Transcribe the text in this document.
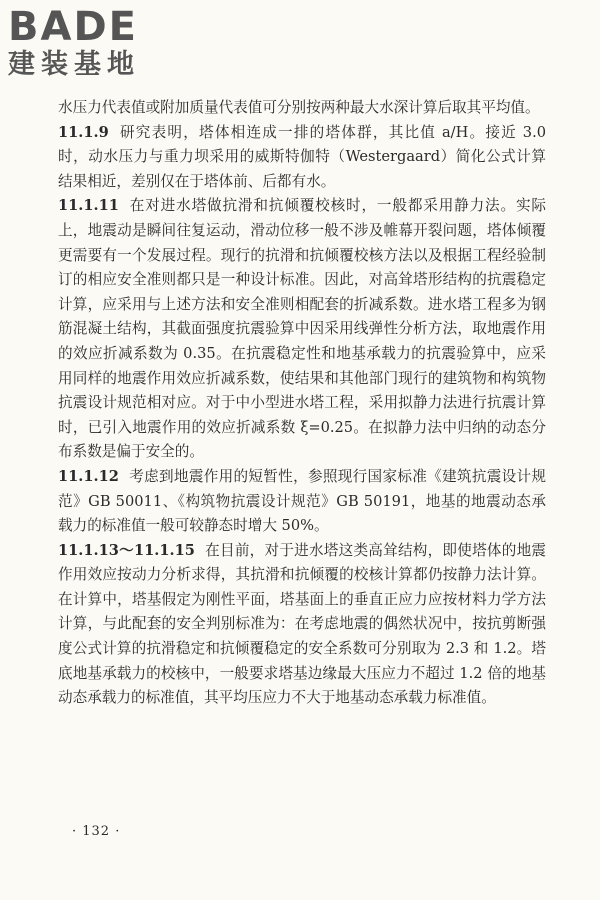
BADE
建装基地

水压力代表值或附加质量代表值可分别按两种最大水深计算后取其平均值。

11.1.9 研究表明，塔体相连成一排的塔体群，其比值 a/H。接近 3.0 时，动水压力与重力坝采用的威斯特伽特（Westergaard）简化公式计算结果相近，差别仅在于塔体前、后都有水。

11.1.11 在对进水塔做抗滑和抗倾覆校核时，一般都采用静力法。实际上，地震动是瞬间往复运动，滑动位移一般不涉及帷幕开裂问题，塔体倾覆更需要有一个发展过程。现行的抗滑和抗倾覆校核方法以及根据工程经验制订的相应安全准则都只是一种设计标准。因此，对高耸塔形结构的抗震稳定计算，应采用与上述方法和安全准则相配套的折减系数。进水塔工程多为钢筋混凝土结构，其截面强度抗震验算中因采用线弹性分析方法，取地震作用的效应折减系数为 0.35。在抗震稳定性和地基承载力的抗震验算中，应采用同样的地震作用效应折减系数，使结果和其他部门现行的建筑物和构筑物抗震设计规范相对应。对于中小型进水塔工程，采用拟静力法进行抗震计算时，已引入地震作用的效应折减系数 ξ=0.25。在拟静力法中归纳的动态分布系数是偏于安全的。

11.1.12 考虑到地震作用的短暂性，参照现行国家标准《建筑抗震设计规范》GB 50011、《构筑物抗震设计规范》GB 50191，地基的地震动态承载力的标准值一般可较静态时增大 50%。

11.1.13～11.1.15 在目前，对于进水塔这类高耸结构，即使塔体的地震作用效应按动力分析求得，其抗滑和抗倾覆的校核计算都仍按静力法计算。在计算中，塔基假定为刚性平面，塔基面上的垂直正应力应按材料力学方法计算，与此配套的安全判别标准为：在考虑地震的偶然状况中，按抗剪断强度公式计算的抗滑稳定和抗倾覆稳定的安全系数可分别取为 2.3 和 1.2。塔底地基承载力的校核中，一般要求塔基边缘最大压应力不超过 1.2 倍的地基动态承载力的标准值，其平均压应力不大于地基动态承载力标准值。

· 132 ·
